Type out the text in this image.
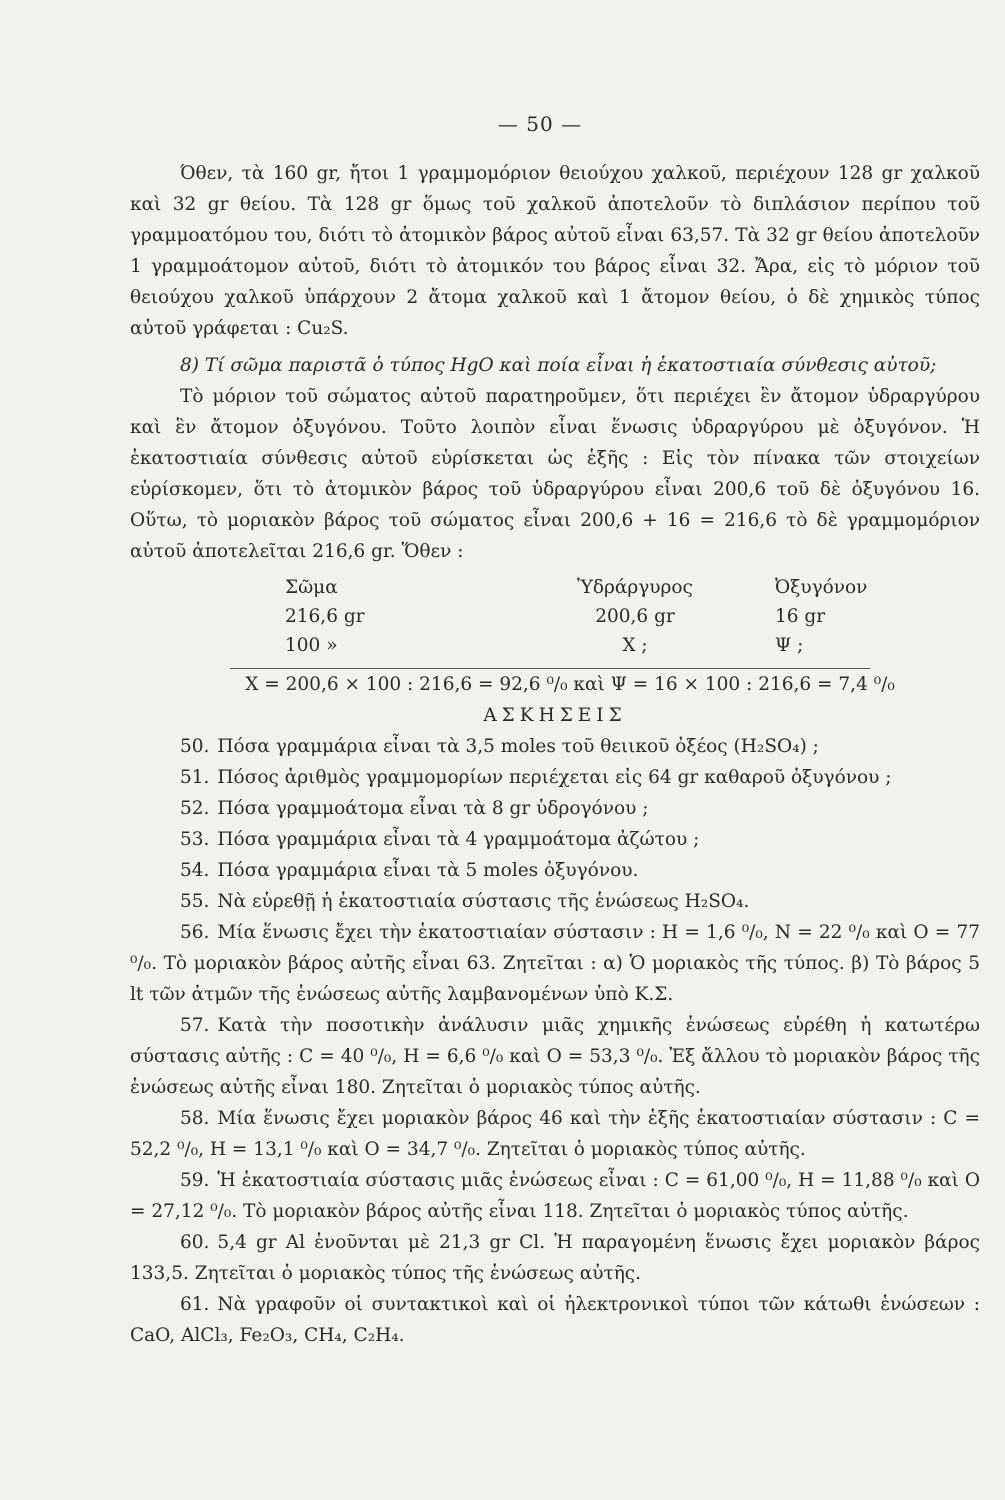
— 50 —

Όθεν, τὰ 160 gr, ἤτοι 1 γραμμομόριον θειούχου χαλκοῦ, περιέχουν 128 gr χαλκοῦ καὶ 32 gr θείου. Τὰ 128 gr ὅμως τοῦ χαλκοῦ ἀποτελοῦν τὸ διπλάσιον περίπου τοῦ γραμμοατόμου του, διότι τὸ ἀτομικὸν βάρος αὐτοῦ εἶναι 63,57. Τὰ 32 gr θείου ἀποτελοῦν 1 γραμμοάτομον αὐτοῦ, διότι τὸ ἀτομικόν του βάρος εἶναι 32. Ἄρα, εἰς τὸ μόριον τοῦ θειούχου χαλκοῦ ὑπάρχουν 2 ἄτομα χαλκοῦ καὶ 1 ἄτομον θείου, ὁ δὲ χημικὸς τύπος αὐτοῦ γράφεται : Cu₂S.

8) Τί σῶμα παριστᾶ ὁ τύπος HgO καὶ ποία εἶναι ἡ ἑκατοστιαία σύνθεσις αὐτοῦ;

Τὸ μόριον τοῦ σώματος αὐτοῦ παρατηροῦμεν, ὅτι περιέχει ἓν ἄτομον ὑδραργύρου καὶ ἓν ἄτομον ὀξυγόνου. Τοῦτο λοιπὸν εἶναι ἕνωσις ὑδραργύρου μὲ ὀξυγόνον. Ἡ ἑκατοστιαία σύνθεσις αὐτοῦ εὑρίσκεται ὡς ἑξῆς : Εἰς τὸν πίνακα τῶν στοιχείων εὑρίσκομεν, ὅτι τὸ ἀτομικὸν βάρος τοῦ ὑδραργύρου εἶναι 200,6 τοῦ δὲ ὀξυγόνου 16. Οὕτω, τὸ μοριακὸν βάρος τοῦ σώματος εἶναι 200,6 + 16 = 216,6 τὸ δὲ γραμμομόριον αὐτοῦ ἀποτελεῖται 216,6 gr. Ὅθεν :

Σῶμα	Ὑδράργυρος	Ὀξυγόνον
216,6 gr	200,6 gr	16 gr
100 »	Χ ;	Ψ ;

Χ = 200,6 × 100 : 216,6 = 92,6 ⁰/₀ καὶ Ψ = 16 × 100 : 216,6 = 7,4 ⁰/₀

ΑΣΚΗΣΕΙΣ

50. Πόσα γραμμάρια εἶναι τὰ 3,5 moles τοῦ θειικοῦ ὀξέος (H₂SO₄) ;

51. Πόσος ἀριθμὸς γραμμομορίων περιέχεται εἰς 64 gr καθαροῦ ὀξυγόνου ;

52. Πόσα γραμμοάτομα εἶναι τὰ 8 gr ὑδρογόνου ;

53. Πόσα γραμμάρια εἶναι τὰ 4 γραμμοάτομα ἀζώτου ;

54. Πόσα γραμμάρια εἶναι τὰ 5 moles ὀξυγόνου.

55. Νὰ εὑρεθῇ ἡ ἑκατοστιαία σύστασις τῆς ἑνώσεως H₂SO₄.

56. Μία ἕνωσις ἔχει τὴν ἑκατοστιαίαν σύστασιν : H = 1,6 ⁰/₀, N = 22 ⁰/₀ καὶ O = 77 ⁰/₀. Τὸ μοριακὸν βάρος αὐτῆς εἶναι 63. Ζητεῖται : α) Ὁ μοριακὸς τῆς τύπος. β) Τὸ βάρος 5 lt τῶν ἀτμῶν τῆς ἑνώσεως αὐτῆς λαμβανομένων ὑπὸ Κ.Σ.

57. Κατὰ τὴν ποσοτικὴν ἀνάλυσιν μιᾶς χημικῆς ἑνώσεως εὑρέθη ἡ κατωτέρω σύστασις αὐτῆς : C = 40 ⁰/₀, H = 6,6 ⁰/₀ καὶ O = 53,3 ⁰/₀. Ἐξ ἄλλου τὸ μοριακὸν βάρος τῆς ἑνώσεως αὐτῆς εἶναι 180. Ζητεῖται ὁ μοριακὸς τύπος αὐτῆς.

58. Μία ἕνωσις ἔχει μοριακὸν βάρος 46 καὶ τὴν ἑξῆς ἑκατοστιαίαν σύστασιν : C = 52,2 ⁰/₀, H = 13,1 ⁰/₀ καὶ O = 34,7 ⁰/₀. Ζητεῖται ὁ μοριακὸς τύπος αὐτῆς.

59. Ἡ ἑκατοστιαία σύστασις μιᾶς ἑνώσεως εἶναι : C = 61,00 ⁰/₀, H = 11,88 ⁰/₀ καὶ O = 27,12 ⁰/₀. Τὸ μοριακὸν βάρος αὐτῆς εἶναι 118. Ζητεῖται ὁ μοριακὸς τύπος αὐτῆς.

60. 5,4 gr Al ἑνοῦνται μὲ 21,3 gr Cl. Ἡ παραγομένη ἕνωσις ἔχει μοριακὸν βάρος 133,5. Ζητεῖται ὁ μοριακὸς τύπος τῆς ἑνώσεως αὐτῆς.

61. Νὰ γραφοῦν οἱ συντακτικοὶ καὶ οἱ ἠλεκτρονικοὶ τύποι τῶν κάτωθι ἑνώσεων : CaO, AlCl₃, Fe₂O₃, CH₄, C₂H₄.
